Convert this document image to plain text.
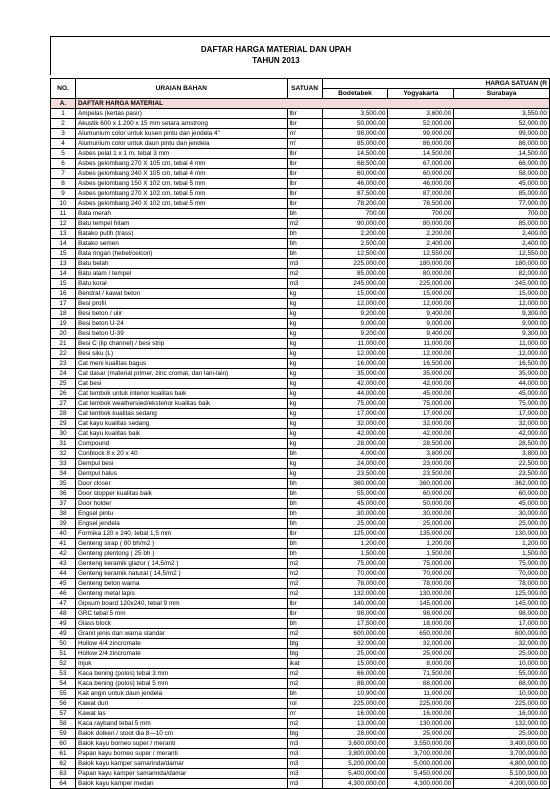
DAFTAR HARGA MATERIAL DAN UPAH
TAHUN 2013
NO.	URAIAN BAHAN	SATUAN	HARGA SATUAN (R		
			Bodetabek	Yogyakarta	Surabaya
A.	DAFTAR HARGA MATERIAL				
1	Ampelas (kertas pasir)	lbr	3,500.00	3,600.00	3,550.00
2	Akustik 600 x 1.200 x 15 mm setara amstrong	lbr	50,000.00	52,000.00	52,000.00
3	Alumunium color untuk kusen pintu dan jendela 4"	m'	98,000.00	99,000.00	99,000.00
4	Alumunium color untuk daun pintu dan jendela	m'	85,000.00	86,000.00	86,000.00
5	Asbes pelat 1 x 1 m, tebal 3 mm	lbr	14,500.00	14,500.00	14,500.00
6	Asbes gelombang 270 X 105 cm, tebal 4 mm	lbr	68,500.00	67,000.00	66,000.00
7	Asbes gelombang 240 X 105 cm, tebal 4 mm	lbr	60,000.00	60,000.00	58,000.00
8	Asbes gelombang 150 X 102 cm, tebal 5 mm	lbr	46,000.00	46,000.00	45,000.00
9	Asbes gelombang 270 X 102 cm, tebal 5 mm	lbr	87,500.00	87,000.00	85,000.00
10	Asbes gelombang 240 X 102 cm, tebal 5 mm	lbr	78,200.00	78,500.00	77,000.00
11	Bata merah	bh	700.00	700.00	700.00
12	Batu tempel hitam	m2	90,000.00	80,000.00	85,000.00
13	Batako putih (trass)	bh	2,200.00	2,200.00	2,400.00
14	Batako semen	bh	2,500.00	2,400.00	2,400.00
15	Bata ringan (hebel/celcon)	bh	12,500.00	12,550.00	12,550.00
13	Batu belah	m3	225,000.00	180,000.00	180,000.00
14	Batu alam / tempel	m2	85,000.00	80,000.00	82,000.00
15	Batu koral	m3	245,000.00	225,000.00	245,000.00
16	Bendrat / kawat beton	kg	15,000.00	15,000.00	15,000.00
17	Besi profil	kg	12,000.00	12,000.00	12,000.00
18	Besi beton / ulir	kg	9,200.00	9,400.00	9,300.00
19	Besi beton U-24	kg	9,000.00	9,000.00	9,000.00
20	Besi beton U-39	kg	9,200.00	9,400.00	9,300.00
21	Besi C (lip channel) / besi strip	kg	11,000.00	11,000.00	11,000.00
22	Besi siku (L)	kg	12,000.00	12,000.00	12,000.00
23	Cat meni kualitas bagus	kg	16,000.00	16,500.00	16,500.00
24	Cat dasar (material primer, zinc cromat, dan lain-lain)	kg	35,000.00	35,000.00	35,000.00
25	Cat besi	kg	42,000.00	42,000.00	44,000.00
26	Cat tembok untuk interior kualitas baik	kg	44,000.00	45,000.00	45,000.00
27	Cat tembok weathersied/eksterior kualitas baik	kg	75,000.00	75,000.00	75,000.00
28	Cat tembok kualitas sedang	kg	17,000.00	17,000.00	17,000.00
29	Cat kayu kualitas sedang	kg	32,000.00	32,000.00	32,000.00
30	Cat kayu kualitas baik	kg	42,000.00	42,000.00	42,000.00
31	Compound	kg	28,000.00	28,500.00	28,500.00
32	Conblock 8 x 20 x 40	bh	4,000.00	3,800.00	3,800.00
33	Dempul besi	kg	24,000.00	23,000.00	22,500.00
34	Dempul halus	kg	23,500.00	23,500.00	23,500.00
35	Door closer	bh	360,000.00	360,000.00	362,000.00
36	Door stopper kualitas baik	bh	55,000.00	60,000.00	60,000.00
37	Door holder	bh	45,000.00	50,000.00	45,000.00
38	Engsel pintu	bh	30,000.00	30,000.00	30,000.00
39	Engsel jendela	bh	25,000.00	25,000.00	25,000.00
40	Formika 120 x 240, tebal 1,5 mm	lbr	125,000.00	135,000.00	130,000.00
41	Genteng sirap ( 80 bh/m2 )	bh	1,200.00	1,200.00	1,200.00
42	Genteng plentong ( 25 bh )	bh	1,500.00	1,500.00	1,500.00
43	Genteng keramik glazur ( 14,5/m2 )	m2	75,000.00	75,000.00	75,000.00
44	Genteng keramik natural ( 14,5/m2 )	m2	70,000.00	70,000.00	70,000.00
45	Genteng beton warna	m2	78,000.00	78,000.00	78,000.00
46	Genteng metal lapis	m2	132,000.00	130,000.00	125,000.00
47	Gipsum board 120x240, tebal 9 mm	lbr	140,000.00	145,000.00	145,000.00
48	GRC tebal 5 mm	lbr	98,000.00	98,000.00	98,000.00
49	Glass block	bh	17,500.00	18,000.00	17,000.00
49	Granit jenis dan warna standar	m2	600,000.00	650,000.00	600,000.00
50	Hollow 4/4 zincromate	btg	32,000.00	32,000.00	32,000.00
51	Hollow 2/4 zincromate	btg	25,000.00	25,000.00	25,000.00
52	Injuk	ikat	15,000.00	8,000.00	10,000.00
53	Kaca bening (polos) tebal 3 mm	m2	66,000.00	71,500.00	55,000.00
54	Kaca bening (polos) tebal 5 mm	m2	88,000.00	88,000.00	88,000.00
55	Kait angin untuk daun jendela	bh	10,900.00	11,000.00	10,000.00
56	Kawat duri	rol	225,000.00	225,000.00	225,000.00
57	Kawat las	m'	16,000.00	16,000.00	16,000.00
58	Kaca rayband tebal 5 mm	m2	13,000.00	130,000.00	132,000.00
59	Balok dolken / stoot dia 8—10 cm	btg	28,000.00	25,000.00	25,000.00
60	Balok kayu borneo super / meranti	m3	3,600,000.00	3,550,000.00	3,400,000.00
61	Papan kayu borneo super / meranti	m3	3,800,000.00	3,700,000.00	3,700,000.00
62	Balok kayu kamper samarinda/damar	m3	5,200,000.00	5,000,000.00	4,800,000.00
63	Papan kayu kamper samarinda/damar	m3	5,400,000.00	5,450,000.00	5,100,000.00
64	Balok kayu kamper medan	m3	4,300,000.00	4,300,000.00	4,200,000.00
